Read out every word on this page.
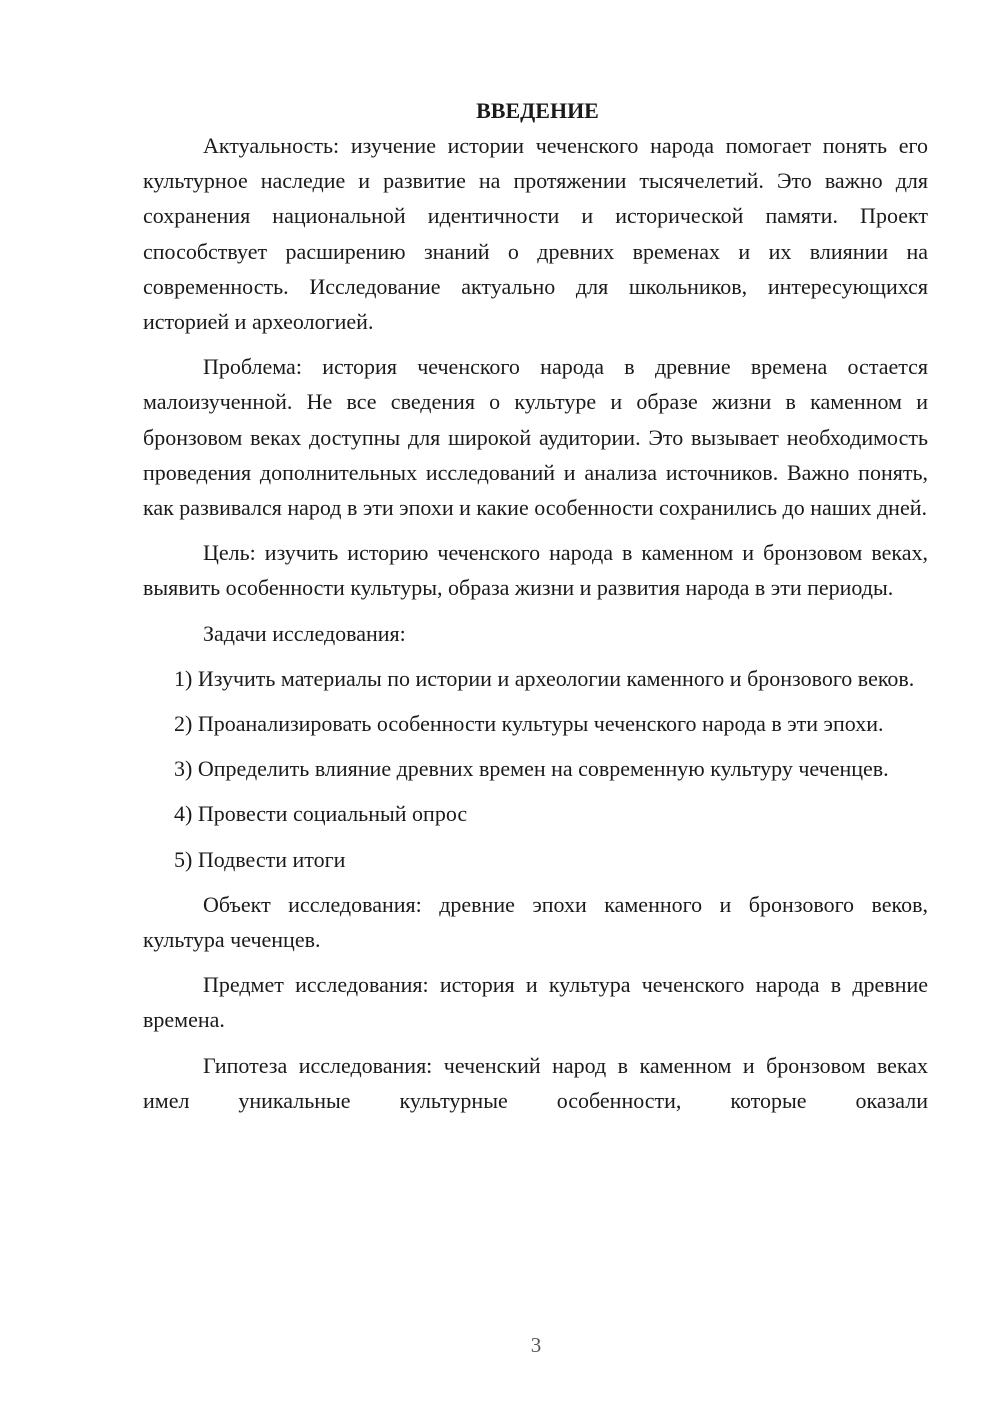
ВВЕДЕНИЕ

Актуальность: изучение истории чеченского народа помогает понять его культурное наследие и развитие на протяжении тысячелетий. Это важно для сохранения национальной идентичности и исторической памяти. Проект способствует расширению знаний о древних временах и их влиянии на современность. Исследование актуально для школьников, интересующихся историей и археологией.

Проблема: история чеченского народа в древние времена остается малоизученной. Не все сведения о культуре и образе жизни в каменном и бронзовом веках доступны для широкой аудитории. Это вызывает необходимость проведения дополнительных исследований и анализа источников. Важно понять, как развивался народ в эти эпохи и какие особенности сохранились до наших дней.

Цель: изучить историю чеченского народа в каменном и бронзовом веках, выявить особенности культуры, образа жизни и развития народа в эти периоды.

Задачи исследования:

1) Изучить материалы по истории и археологии каменного и бронзового веков.

2) Проанализировать особенности культуры чеченского народа в эти эпохи.

3) Определить влияние древних времен на современную культуру чеченцев.

4) Провести социальный опрос

5) Подвести итоги

Объект исследования: древние эпохи каменного и бронзового веков, культура чеченцев.

Предмет исследования: история и культура чеченского народа в древние времена.

Гипотеза исследования: чеченский народ в каменном и бронзовом веках имел уникальные культурные особенности, которые оказали

3
